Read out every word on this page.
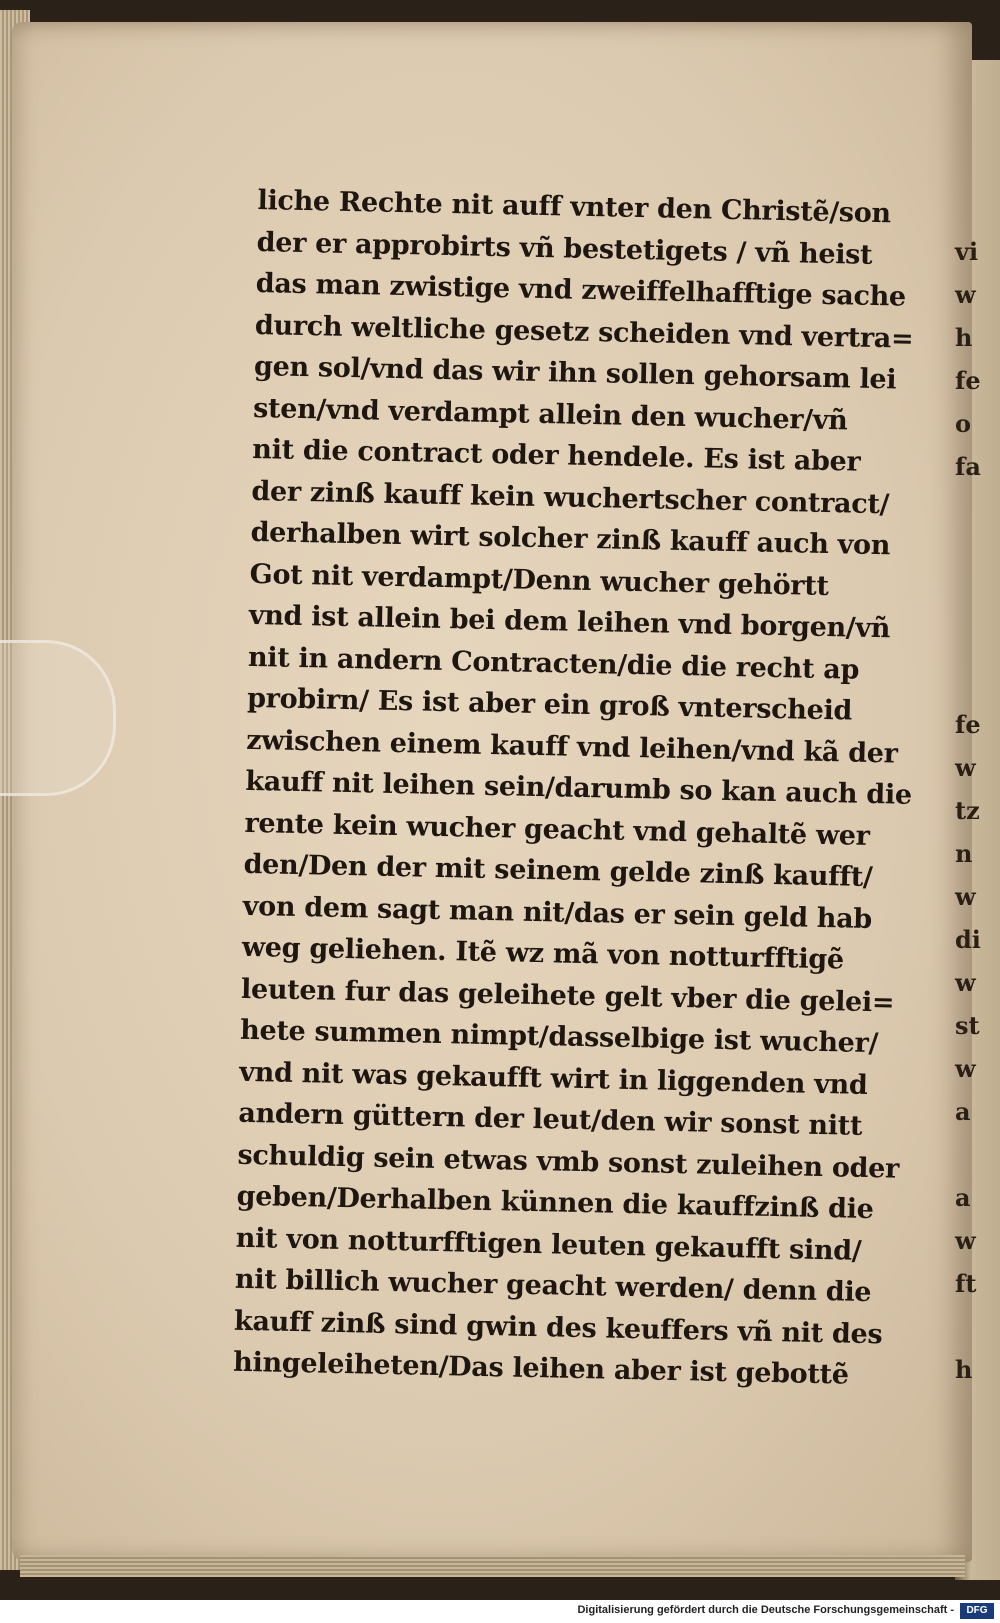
liche Rechte nit auff vnter den Christẽ/son
der er approbirts vñ bestetigets / vñ heist
das man zwistige vnd zweiffelhafftige sache
durch weltliche gesetz scheiden vnd vertra=
gen sol/vnd das wir ihn sollen gehorsam lei
sten/vnd verdampt allein den wucher/vñ
nit die contract oder hendele. Es ist aber
der zinß kauff kein wuchertscher contract/
derhalben wirt solcher zinß kauff auch von
Got nit verdampt/Denn wucher gehörtt
vnd ist allein bei dem leihen vnd borgen/vñ
nit in andern Contracten/die die recht ap
probirn/ Es ist aber ein groß vnterscheid
zwischen einem kauff vnd leihen/vnd kã der
kauff nit leihen sein/darumb so kan auch die
rente kein wucher geacht vnd gehaltẽ wer
den/Den der mit seinem gelde zinß kaufft/
von dem sagt man nit/das er sein geld hab
weg geliehen. Itẽ wz mã von notturfftigẽ
leuten fur das geleihete gelt vber die gelei=
hete summen nimpt/dasselbige ist wucher/
vnd nit was gekaufft wirt in liggenden vnd
andern güttern der leut/den wir sonst nitt
schuldig sein etwas vmb sonst zuleihen oder
geben/Derhalben künnen die kauffzinß die
nit von notturfftigen leuten gekaufft sind/
nit billich wucher geacht werden/ denn die
kauff zinß sind gwin des keuffers vñ nit des
hingeleiheten/Das leihen aber ist gebottẽ
vi
w
h
fe
o
fa
fe
w
tz
n
w
di
w
st
w
a
a
w
ft
h
Digitalisierung gefördert durch die Deutsche Forschungsgemeinschaft -	DFG
